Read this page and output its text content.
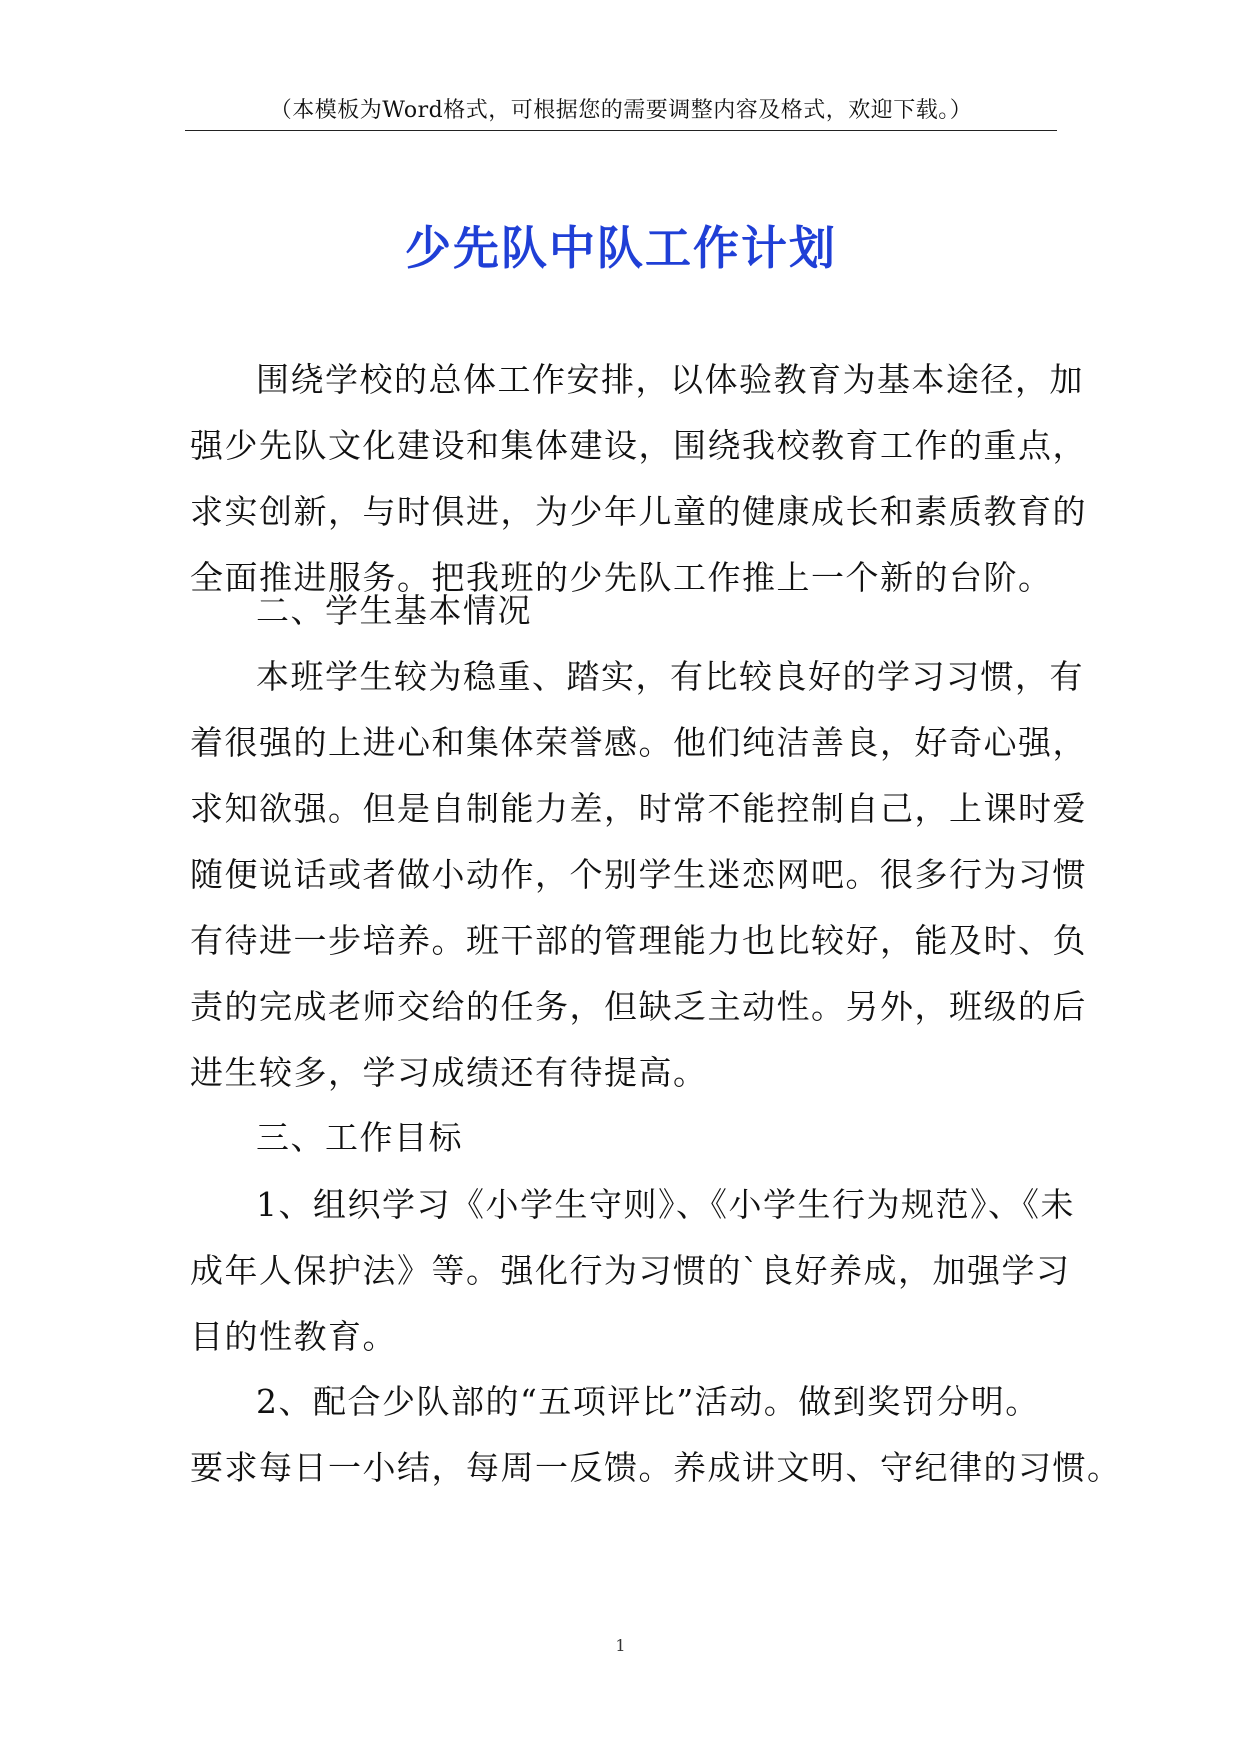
（本模板为Word格式，可根据您的需要调整内容及格式，欢迎下载。）
少先队中队工作计划

围绕学校的总体工作安排，以体验教育为基本途径，加
强少先队文化建设和集体建设，围绕我校教育工作的重点，
求实创新，与时俱进，为少年儿童的健康成长和素质教育的
全面推进服务。把我班的少先队工作推上一个新的台阶。

二、学生基本情况

本班学生较为稳重、踏实，有比较良好的学习习惯，有
着很强的上进心和集体荣誉感。他们纯洁善良，好奇心强，
求知欲强。但是自制能力差，时常不能控制自己，上课时爱
随便说话或者做小动作，个别学生迷恋网吧。很多行为习惯
有待进一步培养。班干部的管理能力也比较好，能及时、负
责的完成老师交给的任务，但缺乏主动性。另外，班级的后
进生较多，学习成绩还有待提高。

三、工作目标

1、组织学习《小学生守则》、《小学生行为规范》、《未
成年人保护法》等。强化行为习惯的`良好养成，加强学习
目的性教育。

2、配合少队部的“五项评比”活动。做到奖罚分明。
要求每日一小结，每周一反馈。养成讲文明、守纪律的习惯。

1
